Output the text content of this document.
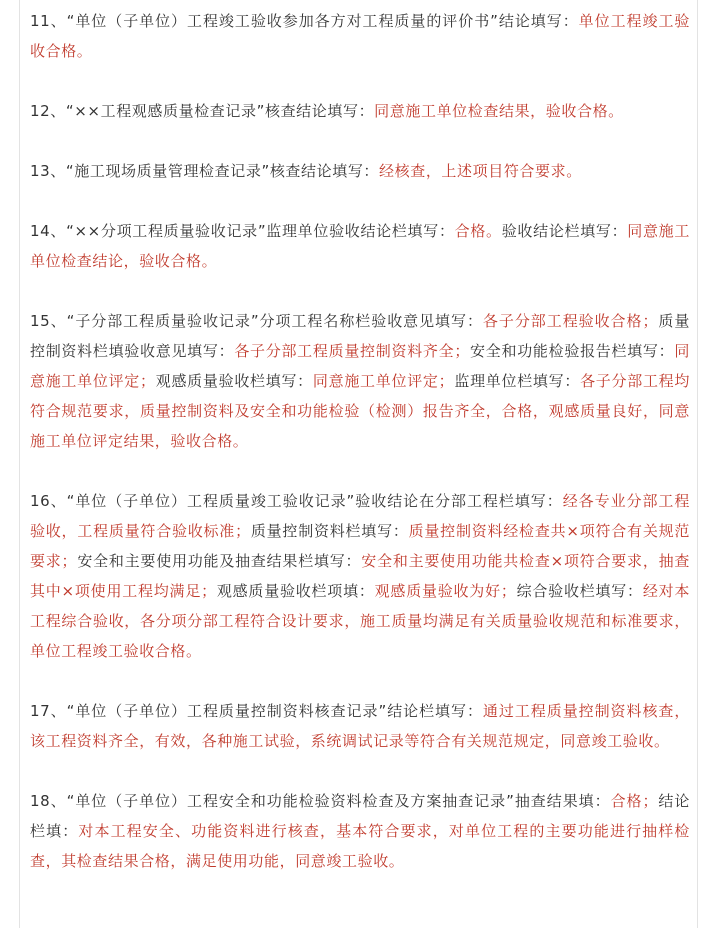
11、“单位（子单位）工程竣工验收参加各方对工程质量的评价书”结论填写：单位工程竣工验收合格。

12、“××工程观感质量检查记录”核查结论填写：同意施工单位检查结果，验收合格。

13、“施工现场质量管理检查记录”核查结论填写：经核查，上述项目符合要求。

14、“××分项工程质量验收记录”监理单位验收结论栏填写：合格。验收结论栏填写：同意施工单位检查结论，验收合格。

15、“子分部工程质量验收记录”分项工程名称栏验收意见填写：各子分部工程验收合格；质量控制资料栏填验收意见填写：各子分部工程质量控制资料齐全；安全和功能检验报告栏填写：同意施工单位评定；观感质量验收栏填写：同意施工单位评定；监理单位栏填写：各子分部工程均符合规范要求，质量控制资料及安全和功能检验（检测）报告齐全，合格，观感质量良好，同意施工单位评定结果，验收合格。

16、“单位（子单位）工程质量竣工验收记录”验收结论在分部工程栏填写：经各专业分部工程验收，工程质量符合验收标准；质量控制资料栏填写：质量控制资料经检查共×项符合有关规范要求；安全和主要使用功能及抽查结果栏填写：安全和主要使用功能共检查×项符合要求，抽查其中×项使用工程均满足；观感质量验收栏项填：观感质量验收为好；综合验收栏填写：经对本工程综合验收，各分项分部工程符合设计要求，施工质量均满足有关质量验收规范和标准要求，单位工程竣工验收合格。

17、“单位（子单位）工程质量控制资料核查记录”结论栏填写：通过工程质量控制资料核查，该工程资料齐全，有效，各种施工试验，系统调试记录等符合有关规范规定，同意竣工验收。

18、“单位（子单位）工程安全和功能检验资料检查及方案抽查记录”抽查结果填：合格；结论栏填：对本工程安全、功能资料进行核查，基本符合要求，对单位工程的主要功能进行抽样检查，其检查结果合格，满足使用功能，同意竣工验收。
